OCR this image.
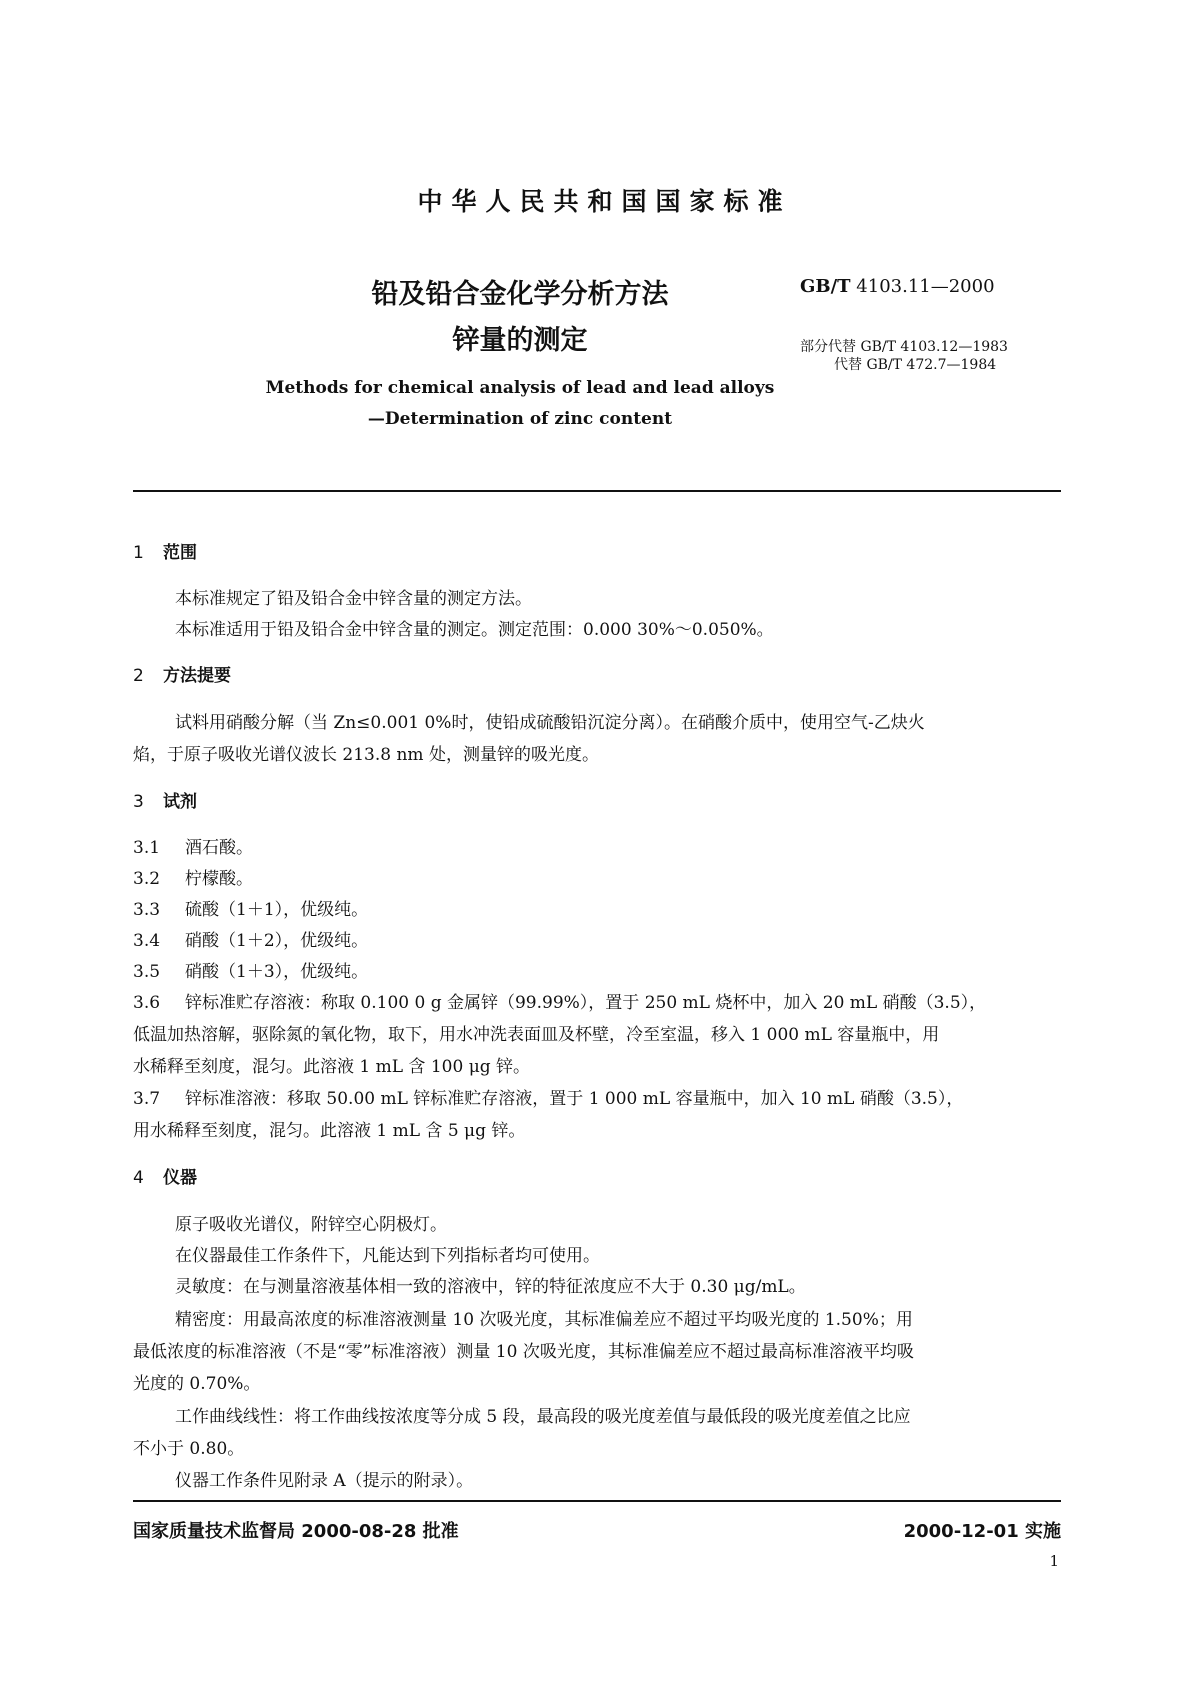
中华人民共和国国家标准
铅及铅合金化学分析方法
锌量的测定
GB/T 4103.11—2000
部分代替 GB/T 4103.12—1983
代替 GB/T 472.7—1984
Methods for chemical analysis of lead and lead alloys
—Determination of zinc content
1 范围
本标准规定了铅及铅合金中锌含量的测定方法。
本标准适用于铅及铅合金中锌含量的测定。测定范围：0.000 30%～0.050%。
2 方法提要
试料用硝酸分解（当 Zn≤0.001 0%时，使铅成硫酸铅沉淀分离）。在硝酸介质中，使用空气-乙炔火
焰，于原子吸收光谱仪波长 213.8 nm 处，测量锌的吸光度。
3 试剂
3.1 酒石酸。
3.2 柠檬酸。
3.3 硫酸（1＋1），优级纯。
3.4 硝酸（1＋2），优级纯。
3.5 硝酸（1＋3），优级纯。
3.6 锌标准贮存溶液：称取 0.100 0 g 金属锌（99.99%），置于 250 mL 烧杯中，加入 20 mL 硝酸（3.5），
低温加热溶解，驱除氮的氧化物，取下，用水冲洗表面皿及杯壁，冷至室温，移入 1 000 mL 容量瓶中，用
水稀释至刻度，混匀。此溶液 1 mL 含 100 μg 锌。
3.7 锌标准溶液：移取 50.00 mL 锌标准贮存溶液，置于 1 000 mL 容量瓶中，加入 10 mL 硝酸（3.5），
用水稀释至刻度，混匀。此溶液 1 mL 含 5 μg 锌。
4 仪器
原子吸收光谱仪，附锌空心阴极灯。
在仪器最佳工作条件下，凡能达到下列指标者均可使用。
灵敏度：在与测量溶液基体相一致的溶液中，锌的特征浓度应不大于 0.30 μg/mL。
精密度：用最高浓度的标准溶液测量 10 次吸光度，其标准偏差应不超过平均吸光度的 1.50%；用
最低浓度的标准溶液（不是“零”标准溶液）测量 10 次吸光度，其标准偏差应不超过最高标准溶液平均吸
光度的 0.70%。
工作曲线线性：将工作曲线按浓度等分成 5 段，最高段的吸光度差值与最低段的吸光度差值之比应
不小于 0.80。
仪器工作条件见附录 A（提示的附录）。
国家质量技术监督局 2000-08-28 批准	2000-12-01 实施
1
